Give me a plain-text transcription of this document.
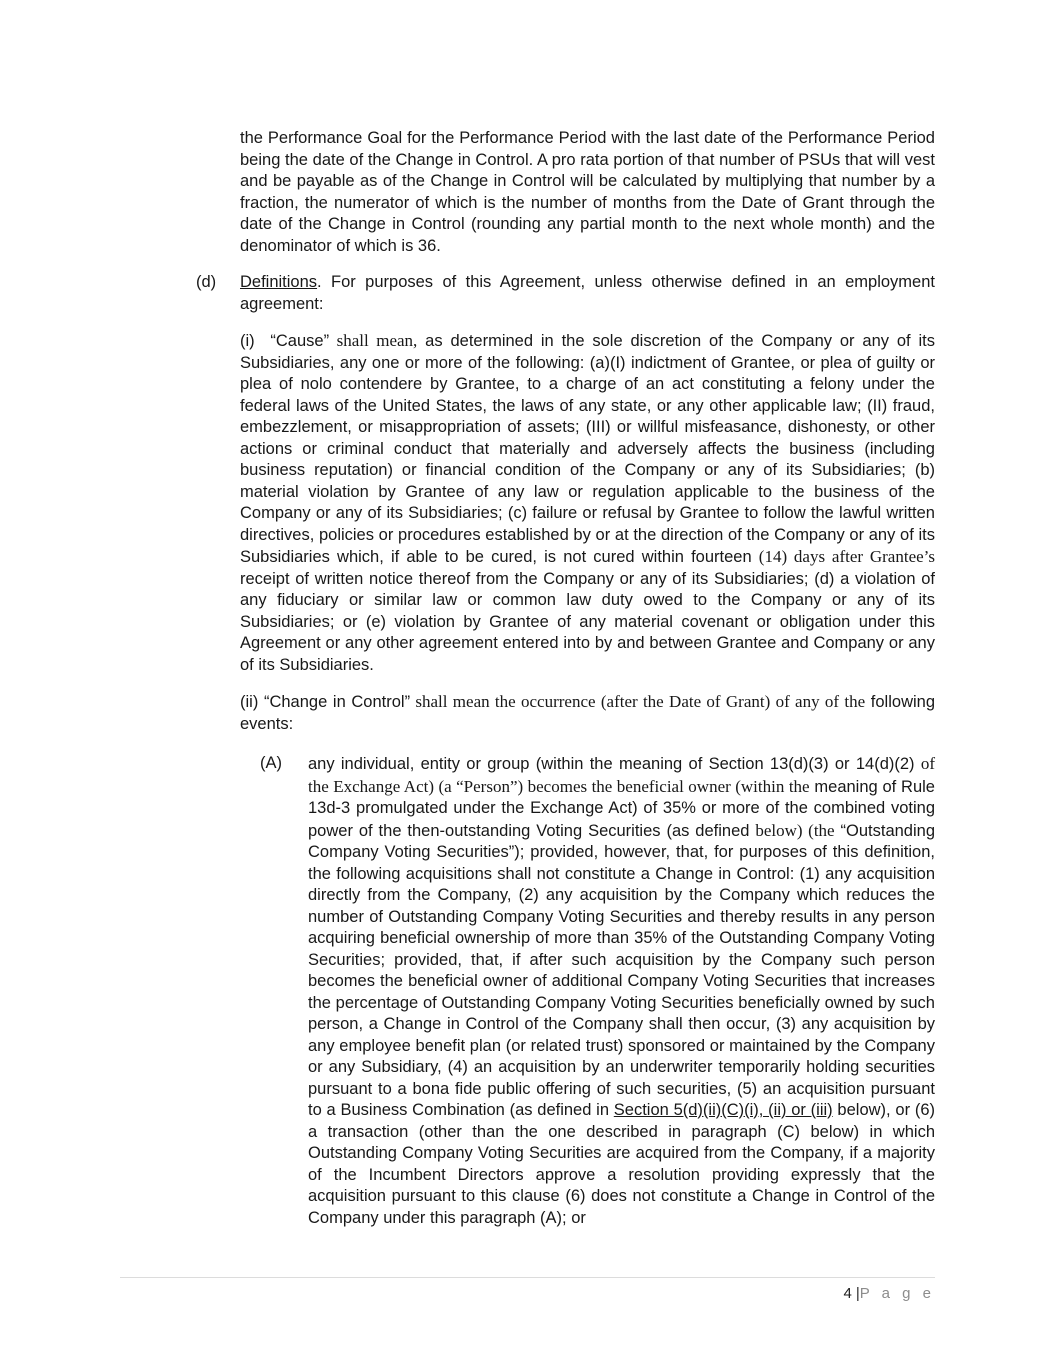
the Performance Goal for the Performance Period with the last date of the Performance Period being the date of the Change in Control. A pro rata portion of that number of PSUs that will vest and be payable as of the Change in Control will be calculated by multiplying that number by a fraction, the numerator of which is the number of months from the Date of Grant through the date of the Change in Control (rounding any partial month to the next whole month) and the denominator of which is 36.
(d) Definitions. For purposes of this Agreement, unless otherwise defined in an employment agreement:
(i)  “Cause” shall mean, as determined in the sole discretion of the Company or any of its Subsidiaries, any one or more of the following: (a)(I) indictment of Grantee, or plea of guilty or plea of nolo contendere by Grantee, to a charge of an act constituting a felony under the federal laws of the United States, the laws of any state, or any other applicable law; (II) fraud, embezzlement, or misappropriation of assets; (III) or willful misfeasance, dishonesty, or other actions or criminal conduct that materially and adversely affects the business (including business reputation) or financial condition of the Company or any of its Subsidiaries; (b) material violation by Grantee of any law or regulation applicable to the business of the Company or any of its Subsidiaries; (c) failure or refusal by Grantee to follow the lawful written directives, policies or procedures established by or at the direction of the Company or any of its Subsidiaries which, if able to be cured, is not cured within fourteen (14) days after Grantee’s receipt of written notice thereof from the Company or any of its Subsidiaries; (d) a violation of any fiduciary or similar law or common law duty owed to the Company or any of its Subsidiaries; or (e) violation by Grantee of any material covenant or obligation under this Agreement or any other agreement entered into by and between Grantee and Company or any of its Subsidiaries.
(ii) “Change in Control” shall mean the occurrence (after the Date of Grant) of any of the following events:
(A)	any individual, entity or group (within the meaning of Section 13(d)(3) or 14(d)(2) of the Exchange Act) (a “Person”) becomes the beneficial owner (within the meaning of Rule 13d-3 promulgated under the Exchange Act) of 35% or more of the combined voting power of the then-outstanding Voting Securities (as defined below) (the “Outstanding Company Voting Securities”); provided, however, that, for purposes of this definition, the following acquisitions shall not constitute a Change in Control: (1) any acquisition directly from the Company, (2) any acquisition by the Company which reduces the number of Outstanding Company Voting Securities and thereby results in any person acquiring beneficial ownership of more than 35% of the Outstanding Company Voting Securities; provided, that, if after such acquisition by the Company such person becomes the beneficial owner of additional Company Voting Securities that increases the percentage of Outstanding Company Voting Securities beneficially owned by such person, a Change in Control of the Company shall then occur, (3) any acquisition by any employee benefit plan (or related trust) sponsored or maintained by the Company or any Subsidiary, (4) an acquisition by an underwriter temporarily holding securities pursuant to a bona fide public offering of such securities, (5) an acquisition pursuant to a Business Combination (as defined in Section 5(d)(ii)(C)(i), (ii) or (iii) below), or (6) a transaction (other than the one described in paragraph (C) below) in which Outstanding Company Voting Securities are acquired from the Company, if a majority of the Incumbent Directors approve a resolution providing expressly that the acquisition pursuant to this clause (6) does not constitute a Change in Control of the Company under this paragraph (A); or
4 |P a g e
